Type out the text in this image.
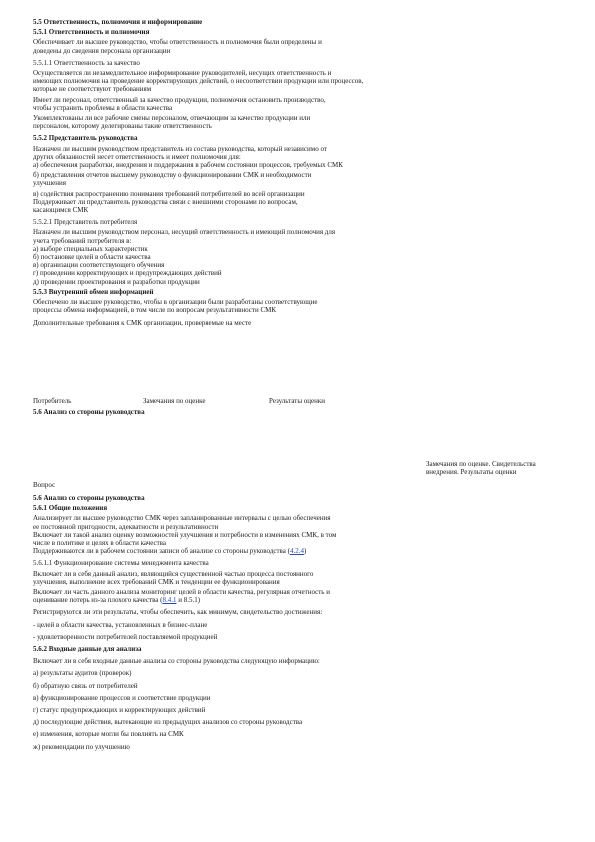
5.5 Ответственность, полномочия и информирование

5.5.1 Ответственность и полномочия

Обеспечивает ли высшее руководство, чтобы ответственность и полномочия были определены и

доведены до сведения персонала организации

5.5.1.1 Ответственность за качество

Осуществляется ли незамедлительное информирование руководителей, несущих ответственность и

имеющих полномочия на проведение корректирующих действий, о несоответствии продукции или процессов,

которые не соответствуют требованиям

Имеет ли персонал, ответственный за качество продукции, полномочия остановить производство,

чтобы устранить проблемы в области качества

Укомплектованы ли все рабочие смены персоналом, отвечающим за качество продукции или

персоналом, которому делегированы такие ответственность

5.5.2 Представитель руководства

Назначен ли высшим руководством представитель из состава руководства, который независимо от

других обязанностей несет ответственность и имеет полномочия для:

а) обеспечения разработки, внедрения и поддержания в рабочем состоянии процессов, требуемых СМК

б) представления отчетов высшему руководству о функционировании СМК и необходимости

улучшения

в) содействия распространению понимания требований потребителей во всей организации

Поддерживает ли представитель руководства связи с внешними сторонами по вопросам,

касающимся СМК

5.5.2.1 Представитель потребителя

Назначен ли высшим руководством персонал, несущий ответственность и имеющий полномочия для

учета требований потребителя в:

а) выборе специальных характеристик

б) постановке целей в области качества

в) организации соответствующего обучения

г) проведении корректирующих и предупреждающих действий

д) проведении проектирования и разработки продукции

5.5.3 Внутренний обмен информацией

Обеспечено ли высшее руководство, чтобы в организации были разработаны соответствующие

процессы обмена информацией, в том числе по вопросам результативности СМК

Дополнительные требования к СМК организации, проверяемые на месте

Потребитель	Замечания по оценке	Результаты оценки

5.6 Анализ со стороны руководства

Вопрос
Замечания по оценке. Свидетельства внедрения. Результаты оценки

5.6 Анализ со стороны руководства

5.6.1 Общие положения

Анализирует ли высшее руководство СМК через запланированные интервалы с целью обеспечения

ее постоянной пригодности, адекватности и результативности

Включает ли такой анализ оценку возможностей улучшения и потребности в изменениях СМК, в том

числе в политике и целях в области качества

Поддерживаются ли в рабочем состоянии записи об анализе со стороны руководства (4.2.4)

5.6.1.1 Функционирование системы менеджмента качества

Включает ли в себя данный анализ, являющийся существенной частью процесса постоянного

улучшения, выполнение всех требований СМК и тенденции ее функционирования

Включает ли часть данного анализа мониторинг целей в области качества, регулярная отчетность и

оценивание потерь из-за плохого качества (8.4.1 и 8.5.1)

Регистрируются ли эти результаты, чтобы обеспечить, как минимум, свидетельство достижения:

- целей в области качества, установленных в бизнес-плане

- удовлетворенности потребителей поставляемой продукцией

5.6.2 Входные данные для анализа

Включает ли в себя входные данные анализа со стороны руководства следующую информацию:

а) результаты аудитов (проверок)

б) обратную связь от потребителей

в) функционирование процессов и соответствие продукции

г) статус предупреждающих и корректирующих действий

д) последующие действия, вытекающие из предыдущих анализов со стороны руководства

е) изменения, которые могли бы повлиять на СМК

ж) рекомендации по улучшению
